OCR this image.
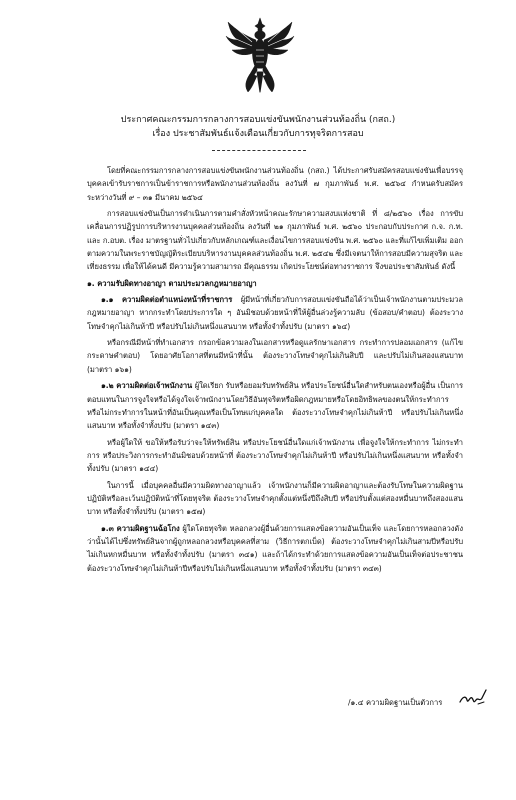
ประกาศคณะกรรมการกลางการสอบแข่งขันพนักงานส่วนท้องถิ่น (กสถ.)
เรื่อง ประชาสัมพันธ์แจ้งเตือนเกี่ยวกับการทุจริตการสอบ

โดยที่คณะกรรมการกลางการสอบแข่งขันพนักงานส่วนท้องถิ่น (กสถ.) ได้ประกาศรับสมัครสอบแข่งขันเพื่อบรรจุบุคคลเข้ารับราชการเป็นข้าราชการหรือพนักงานส่วนท้องถิ่น ลงวันที่ ๗ กุมภาพันธ์ พ.ศ. ๒๕๖๔ กำหนดรับสมัครระหว่างวันที่ ๙ – ๓๑ มีนาคม ๒๕๖๔

การสอบแข่งขันเป็นการดำเนินการตามคำสั่งหัวหน้าคณะรักษาความสงบแห่งชาติ ที่ ๘/๒๕๖๐ เรื่อง การขับเคลื่อนการปฏิรูปการบริหารงานบุคคลส่วนท้องถิ่น ลงวันที่ ๒๑ กุมภาพันธ์ พ.ศ. ๒๕๖๐ ประกอบกับประกาศ ก.จ. ก.ท. และ ก.อบต. เรื่อง มาตรฐานทั่วไปเกี่ยวกับหลักเกณฑ์และเงื่อนไขการสอบแข่งขัน พ.ศ. ๒๕๖๐ และที่แก้ไขเพิ่มเติม ออกตามความในพระราชบัญญัติระเบียบบริหารงานบุคคลส่วนท้องถิ่น พ.ศ. ๒๕๔๒ ซึ่งมีเจตนาให้การสอบมีความสุจริต และเที่ยงธรรม เพื่อให้ได้คนดี มีความรู้ความสามารถ มีคุณธรรม เกิดประโยชน์ต่อทางราชการ จึงขอประชาสัมพันธ์ ดังนี้

๑. ความรับผิดทางอาญา ตามประมวลกฎหมายอาญา

๑.๑ ความผิดต่อตำแหน่งหน้าที่ราชการ ผู้มีหน้าที่เกี่ยวกับการสอบแข่งขันถือได้ว่าเป็นเจ้าพนักงานตามประมวลกฎหมายอาญา หากกระทำโดยประการใด ๆ อันมิชอบด้วยหน้าที่ให้ผู้อื่นล่วงรู้ความลับ (ข้อสอบ/คำตอบ) ต้องระวางโทษจำคุกไม่เกินห้าปี หรือปรับไม่เกินหนึ่งแสนบาท หรือทั้งจำทั้งปรับ (มาตรา ๑๖๔)

หรือกรณีมีหน้าที่ทำเอกสาร กรอกข้อความลงในเอกสารหรือดูแลรักษาเอกสาร กระทำการปลอมเอกสาร (แก้ไขกระดาษคำตอบ) โดยอาศัยโอกาสที่ตนมีหน้าที่นั้น ต้องระวางโทษจำคุกไม่เกินสิบปี และปรับไม่เกินสองแสนบาท (มาตรา ๑๖๑)

๑.๒ ความผิดต่อเจ้าพนักงาน ผู้ใดเรียก รับหรือยอมรับทรัพย์สิน หรือประโยชน์อื่นใดสำหรับตนเองหรือผู้อื่น เป็นการตอบแทนในการจูงใจหรือได้จูงใจเจ้าพนักงานโดยวิธีอันทุจริตหรือผิดกฎหมายหรือโดยอิทธิพลของตนให้กระทำการ หรือไม่กระทำการในหน้าที่อันเป็นคุณหรือเป็นโทษแก่บุคคลใด ต้องระวางโทษจำคุกไม่เกินห้าปี หรือปรับไม่เกินหนึ่งแสนบาท หรือทั้งจำทั้งปรับ (มาตรา ๑๔๓)

หรือผู้ใดให้ ขอให้หรือรับว่าจะให้ทรัพย์สิน หรือประโยชน์อื่นใดแก่เจ้าพนักงาน เพื่อจูงใจให้กระทำการ ไม่กระทำการ หรือประวิงการกระทำอันมิชอบด้วยหน้าที่ ต้องระวางโทษจำคุกไม่เกินห้าปี หรือปรับไม่เกินหนึ่งแสนบาท หรือทั้งจำทั้งปรับ (มาตรา ๑๔๔)

ในการนี้ เมื่อบุคคลอื่นมีความผิดทางอาญาแล้ว เจ้าพนักงานก็มีความผิดอาญาและต้องรับโทษในความผิดฐานปฏิบัติหรือละเว้นปฏิบัติหน้าที่โดยทุจริต ต้องระวางโทษจำคุกตั้งแต่หนึ่งปีถึงสิบปี หรือปรับตั้งแต่สองหมื่นบาทถึงสองแสนบาท หรือทั้งจำทั้งปรับ (มาตรา ๑๕๗)

๑.๓ ความผิดฐานฉ้อโกง ผู้ใดโดยทุจริต หลอกลวงผู้อื่นด้วยการแสดงข้อความอันเป็นเท็จ และโดยการหลอกลวงดังว่านั้นได้ไปซึ่งทรัพย์สินจากผู้ถูกหลอกลวงหรือบุคคลที่สาม (วิธีการตกเบ็ด) ต้องระวางโทษจำคุกไม่เกินสามปีหรือปรับไม่เกินหกหมื่นบาท หรือทั้งจำทั้งปรับ (มาตรา ๓๔๑) และถ้าได้กระทำด้วยการแสดงข้อความอันเป็นเท็จต่อประชาชน ต้องระวางโทษจำคุกไม่เกินห้าปีหรือปรับไม่เกินหนึ่งแสนบาท หรือทั้งจำทั้งปรับ (มาตรา ๓๔๓)

/๑.๔ ความผิดฐานเป็นตัวการ
